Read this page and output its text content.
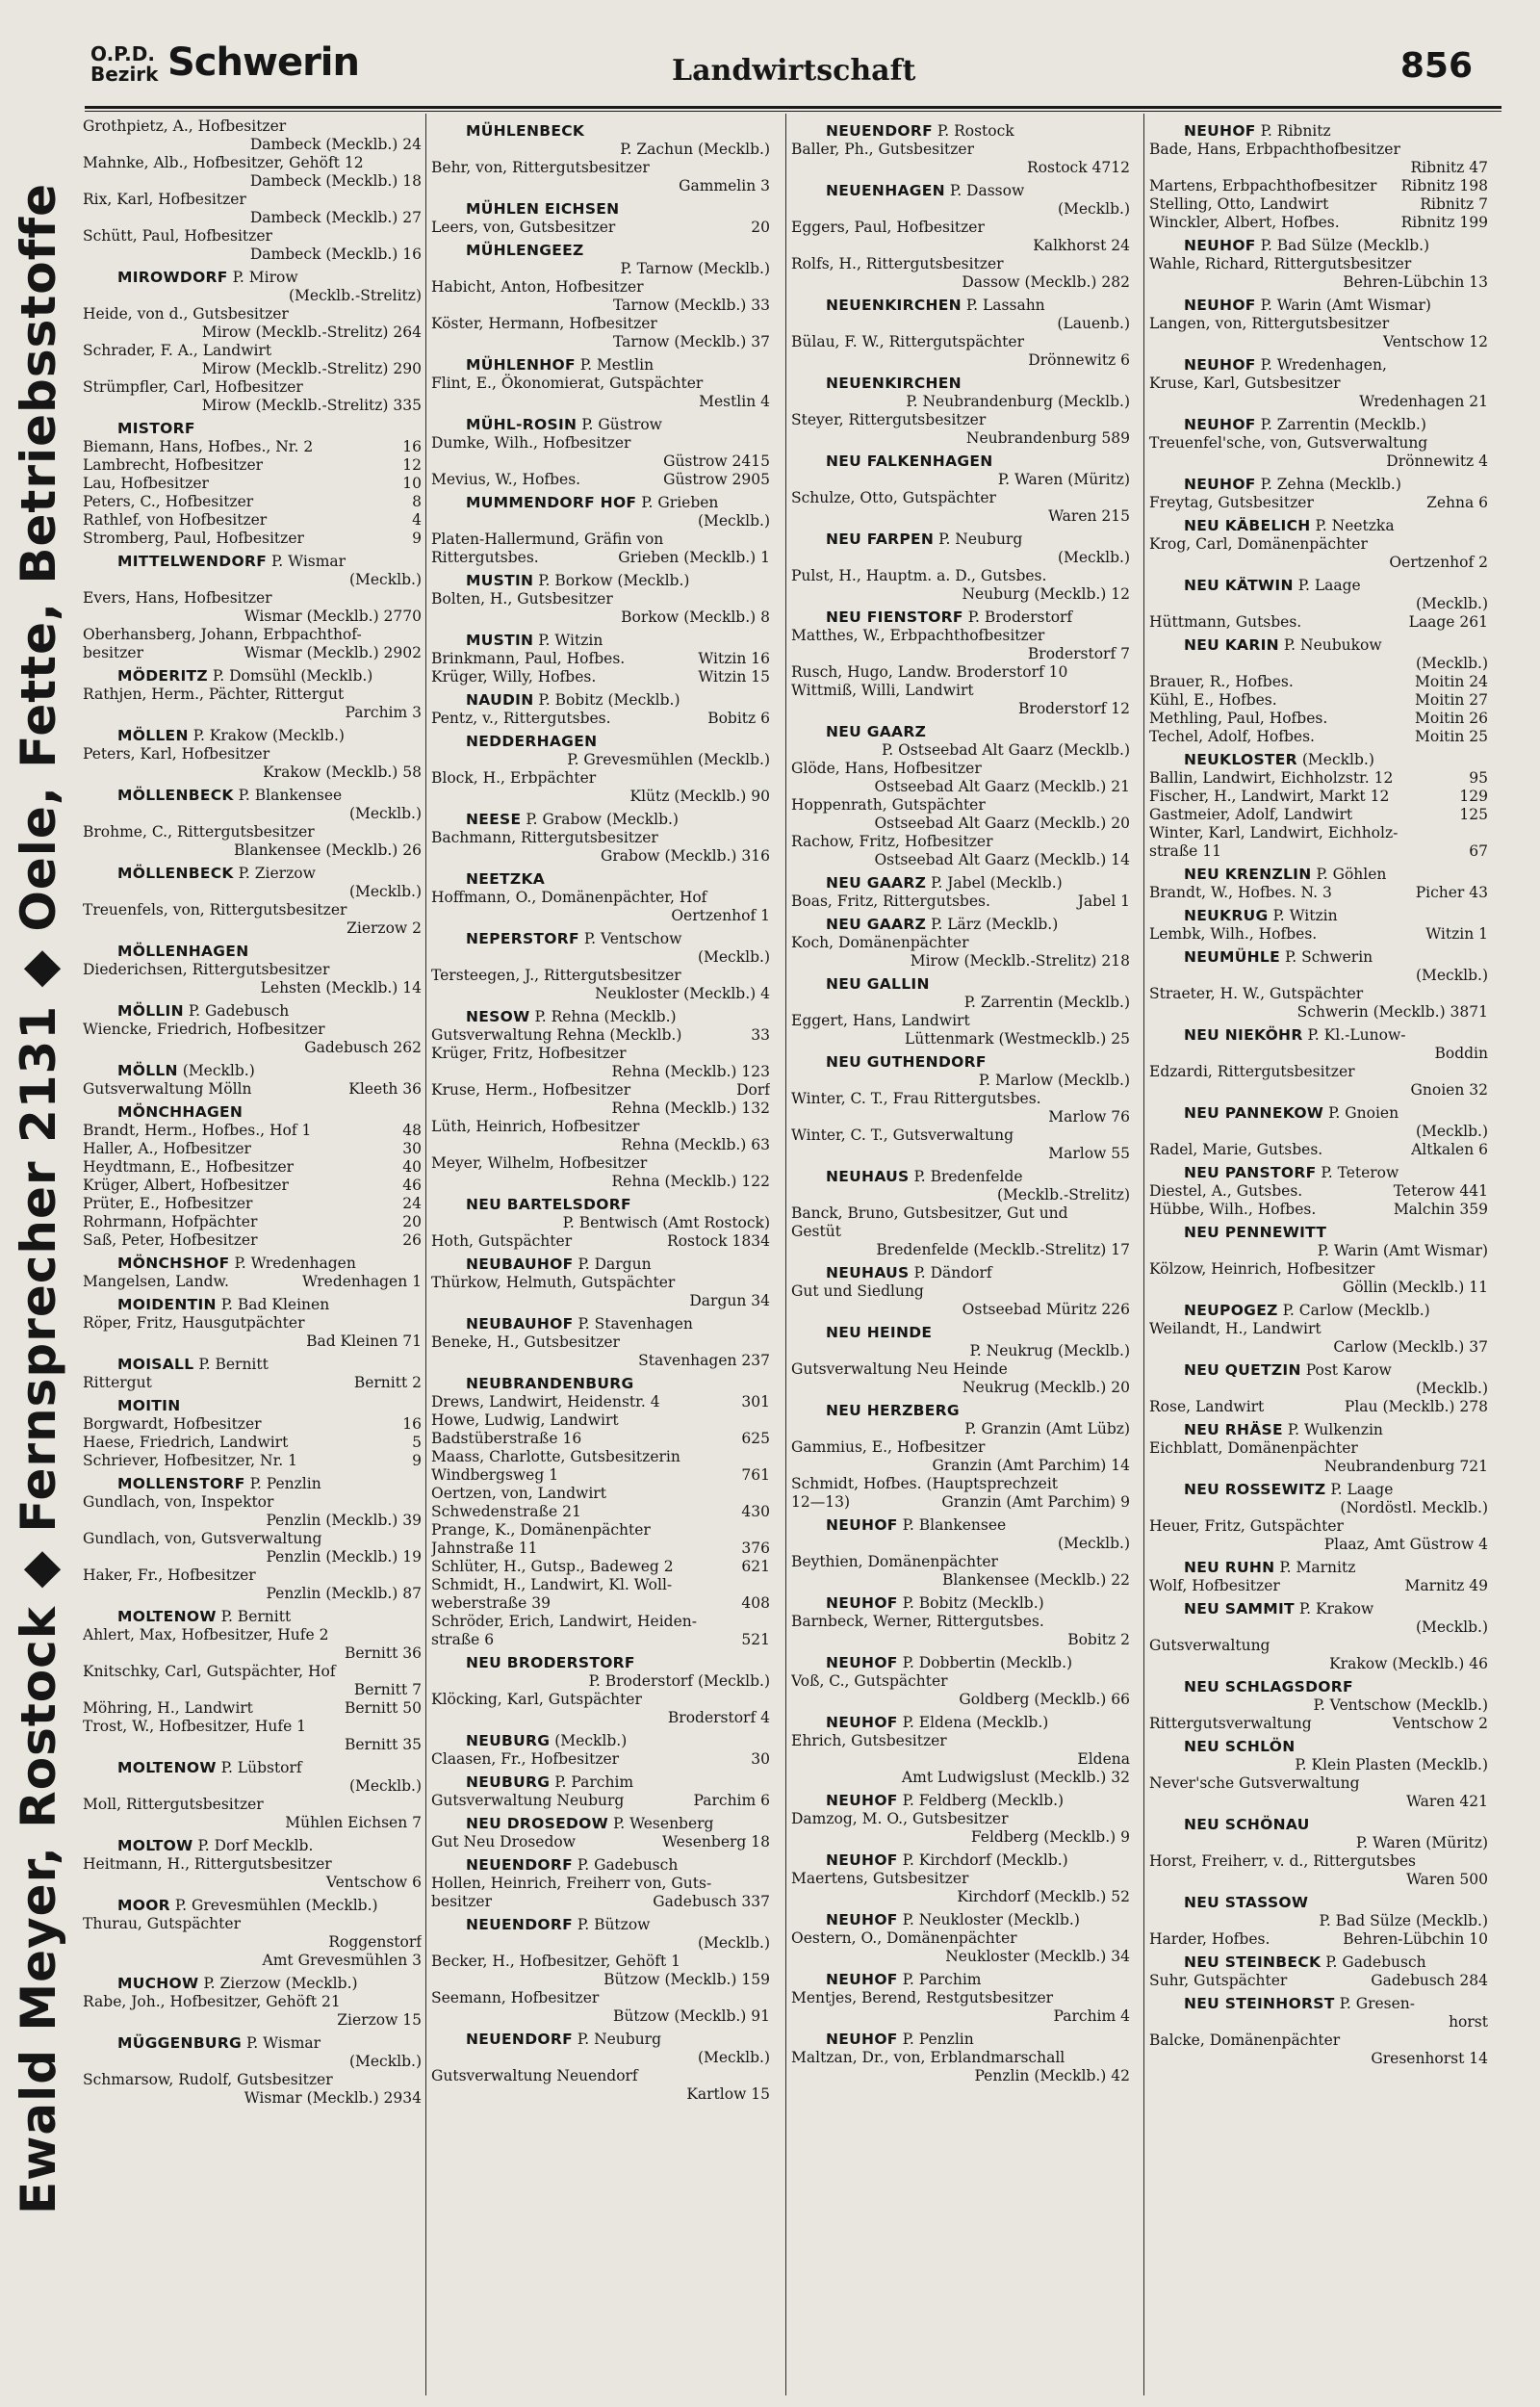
O.P.D.
Bezirk Schwerin	Landwirtschaft	856
Ewald Meyer, Rostock ◆ Fernsprecher 2131 ◆ Oele, Fette, Betriebsstoffe
Grothpietz, A., Hofbesitzer
Dambeck (Mecklb.) 24
Mahnke, Alb., Hofbesitzer, Gehöft 12
Dambeck (Mecklb.) 18
Rix, Karl, Hofbesitzer
Dambeck (Mecklb.) 27
Schütt, Paul, Hofbesitzer
Dambeck (Mecklb.) 16
MIROWDORF P. Mirow
(Mecklb.-Strelitz)
Heide, von d., Gutsbesitzer
Mirow (Mecklb.-Strelitz) 264
Schrader, F. A., Landwirt
Mirow (Mecklb.-Strelitz) 290
Strümpfler, Carl, Hofbesitzer
Mirow (Mecklb.-Strelitz) 335
MISTORF
Biemann, Hans, Hofbes., Nr. 2	16
Lambrecht, Hofbesitzer	12
Lau, Hofbesitzer	10
Peters, C., Hofbesitzer	8
Rathlef, von Hofbesitzer	4
Stromberg, Paul, Hofbesitzer	9
MITTELWENDORF P. Wismar
(Mecklb.)
Evers, Hans, Hofbesitzer
Wismar (Mecklb.) 2770
Oberhansberg, Johann, Erbpachthof-
besitzer	Wismar (Mecklb.) 2902
MÖDERITZ P. Domsühl (Mecklb.)
Rathjen, Herm., Pächter, Rittergut
Parchim 3
MÖLLEN P. Krakow (Mecklb.)
Peters, Karl, Hofbesitzer
Krakow (Mecklb.) 58
MÖLLENBECK P. Blankensee
(Mecklb.)
Brohme, C., Rittergutsbesitzer
Blankensee (Mecklb.) 26
MÖLLENBECK P. Zierzow
(Mecklb.)
Treuenfels, von, Rittergutsbesitzer
Zierzow 2
MÖLLENHAGEN
Diederichsen, Rittergutsbesitzer
Lehsten (Mecklb.) 14
MÖLLIN P. Gadebusch
Wiencke, Friedrich, Hofbesitzer
Gadebusch 262
MÖLLN (Mecklb.)
Gutsverwaltung Mölln	Kleeth 36
MÖNCHHAGEN
Brandt, Herm., Hofbes., Hof 1	48
Haller, A., Hofbesitzer	30
Heydtmann, E., Hofbesitzer	40
Krüger, Albert, Hofbesitzer	46
Prüter, E., Hofbesitzer	24
Rohrmann, Hofpächter	20
Saß, Peter, Hofbesitzer	26
MÖNCHSHOF P. Wredenhagen
Mangelsen, Landw.	Wredenhagen 1
MOIDENTIN P. Bad Kleinen
Röper, Fritz, Hausgutpächter
Bad Kleinen 71
MOISALL P. Bernitt
Rittergut	Bernitt 2
MOITIN
Borgwardt, Hofbesitzer	16
Haese, Friedrich, Landwirt	5
Schriever, Hofbesitzer, Nr. 1	9
MOLLENSTORF P. Penzlin
Gundlach, von, Inspektor
Penzlin (Mecklb.) 39
Gundlach, von, Gutsverwaltung
Penzlin (Mecklb.) 19
Haker, Fr., Hofbesitzer
Penzlin (Mecklb.) 87
MOLTENOW P. Bernitt
Ahlert, Max, Hofbesitzer, Hufe 2
Bernitt 36
Knitschky, Carl, Gutspächter, Hof
Bernitt 7
Möhring, H., Landwirt	Bernitt 50
Trost, W., Hofbesitzer, Hufe 1
Bernitt 35
MOLTENOW P. Lübstorf
(Mecklb.)
Moll, Rittergutsbesitzer
Mühlen Eichsen 7
MOLTOW P. Dorf Mecklb.
Heitmann, H., Rittergutsbesitzer
Ventschow 6
MOOR P. Grevesmühlen (Mecklb.)
Thurau, Gutspächter
Roggenstorf
Amt Grevesmühlen 3
MUCHOW P. Zierzow (Mecklb.)
Rabe, Joh., Hofbesitzer, Gehöft 21
Zierzow 15
MÜGGENBURG P. Wismar
(Mecklb.)
Schmarsow, Rudolf, Gutsbesitzer
Wismar (Mecklb.) 2934
MÜHLENBECK
P. Zachun (Mecklb.)
Behr, von, Rittergutsbesitzer
Gammelin 3
MÜHLEN EICHSEN
Leers, von, Gutsbesitzer	20
MÜHLENGEEZ
P. Tarnow (Mecklb.)
Habicht, Anton, Hofbesitzer
Tarnow (Mecklb.) 33
Köster, Hermann, Hofbesitzer
Tarnow (Mecklb.) 37
MÜHLENHOF P. Mestlin
Flint, E., Ökonomierat, Gutspächter
Mestlin 4
MÜHL-ROSIN P. Güstrow
Dumke, Wilh., Hofbesitzer
Güstrow 2415
Mevius, W., Hofbes.	Güstrow 2905
MUMMENDORF HOF P. Grieben
(Mecklb.)
Platen-Hallermund, Gräfin von
Rittergutsbes.	Grieben (Mecklb.) 1
MUSTIN P. Borkow (Mecklb.)
Bolten, H., Gutsbesitzer
Borkow (Mecklb.) 8
MUSTIN P. Witzin
Brinkmann, Paul, Hofbes.	Witzin 16
Krüger, Willy, Hofbes.	Witzin 15
NAUDIN P. Bobitz (Mecklb.)
Pentz, v., Rittergutsbes.	Bobitz 6
NEDDERHAGEN
P. Grevesmühlen (Mecklb.)
Block, H., Erbpächter
Klütz (Mecklb.) 90
NEESE P. Grabow (Mecklb.)
Bachmann, Rittergutsbesitzer
Grabow (Mecklb.) 316
NEETZKA
Hoffmann, O., Domänenpächter, Hof
Oertzenhof 1
NEPERSTORF P. Ventschow
(Mecklb.)
Tersteegen, J., Rittergutsbesitzer
Neukloster (Mecklb.) 4
NESOW P. Rehna (Mecklb.)
Gutsverwaltung Rehna (Mecklb.)	33
Krüger, Fritz, Hofbesitzer
Rehna (Mecklb.) 123
Kruse, Herm., Hofbesitzer	Dorf
Rehna (Mecklb.) 132
Lüth, Heinrich, Hofbesitzer
Rehna (Mecklb.) 63
Meyer, Wilhelm, Hofbesitzer
Rehna (Mecklb.) 122
NEU BARTELSDORF
P. Bentwisch (Amt Rostock)
Hoth, Gutspächter	Rostock 1834
NEUBAUHOF P. Dargun
Thürkow, Helmuth, Gutspächter
Dargun 34
NEUBAUHOF P. Stavenhagen
Beneke, H., Gutsbesitzer
Stavenhagen 237
NEUBRANDENBURG
Drews, Landwirt, Heidenstr. 4	301
Howe, Ludwig, Landwirt
Badstüberstraße 16	625
Maass, Charlotte, Gutsbesitzerin
Windbergsweg 1	761
Oertzen, von, Landwirt
Schwedenstraße 21	430
Prange, K., Domänenpächter
Jahnstraße 11	376
Schlüter, H., Gutsp., Badeweg 2	621
Schmidt, H., Landwirt, Kl. Woll-
weberstraße 39	408
Schröder, Erich, Landwirt, Heiden-
straße 6	521
NEU BRODERSTORF
P. Broderstorf (Mecklb.)
Klöcking, Karl, Gutspächter
Broderstorf 4
NEUBURG (Mecklb.)
Claasen, Fr., Hofbesitzer	30
NEUBURG P. Parchim
Gutsverwaltung Neuburg	Parchim 6
NEU DROSEDOW P. Wesenberg
Gut Neu Drosedow	Wesenberg 18
NEUENDORF P. Gadebusch
Hollen, Heinrich, Freiherr von, Guts-
besitzer	Gadebusch 337
NEUENDORF P. Bützow
(Mecklb.)
Becker, H., Hofbesitzer, Gehöft 1
Bützow (Mecklb.) 159
Seemann, Hofbesitzer
Bützow (Mecklb.) 91
NEUENDORF P. Neuburg
(Mecklb.)
Gutsverwaltung Neuendorf
Kartlow 15
NEUENDORF P. Rostock
Baller, Ph., Gutsbesitzer
Rostock 4712
NEUENHAGEN P. Dassow
(Mecklb.)
Eggers, Paul, Hofbesitzer
Kalkhorst 24
Rolfs, H., Rittergutsbesitzer
Dassow (Mecklb.) 282
NEUENKIRCHEN P. Lassahn
(Lauenb.)
Bülau, F. W., Rittergutspächter
Drönnewitz 6
NEUENKIRCHEN
P. Neubrandenburg (Mecklb.)
Steyer, Rittergutsbesitzer
Neubrandenburg 589
NEU FALKENHAGEN
P. Waren (Müritz)
Schulze, Otto, Gutspächter
Waren 215
NEU FARPEN P. Neuburg
(Mecklb.)
Pulst, H., Hauptm. a. D., Gutsbes.
Neuburg (Mecklb.) 12
NEU FIENSTORF P. Broderstorf
Matthes, W., Erbpachthofbesitzer
Broderstorf 7
Rusch, Hugo, Landw. Broderstorf 10
Wittmiß, Willi, Landwirt
Broderstorf 12
NEU GAARZ
P. Ostseebad Alt Gaarz (Mecklb.)
Glöde, Hans, Hofbesitzer
Ostseebad Alt Gaarz (Mecklb.) 21
Hoppenrath, Gutspächter
Ostseebad Alt Gaarz (Mecklb.) 20
Rachow, Fritz, Hofbesitzer
Ostseebad Alt Gaarz (Mecklb.) 14
NEU GAARZ P. Jabel (Mecklb.)
Boas, Fritz, Rittergutsbes.	Jabel 1
NEU GAARZ P. Lärz (Mecklb.)
Koch, Domänenpächter
Mirow (Mecklb.-Strelitz) 218
NEU GALLIN
P. Zarrentin (Mecklb.)
Eggert, Hans, Landwirt
Lüttenmark (Westmecklb.) 25
NEU GUTHENDORF
P. Marlow (Mecklb.)
Winter, C. T., Frau Rittergutsbes.
Marlow 76
Winter, C. T., Gutsverwaltung
Marlow 55
NEUHAUS P. Bredenfelde
(Mecklb.-Strelitz)
Banck, Bruno, Gutsbesitzer, Gut und
Gestüt
Bredenfelde (Mecklb.-Strelitz) 17
NEUHAUS P. Dändorf
Gut und Siedlung
Ostseebad Müritz 226
NEU HEINDE
P. Neukrug (Mecklb.)
Gutsverwaltung Neu Heinde
Neukrug (Mecklb.) 20
NEU HERZBERG
P. Granzin (Amt Lübz)
Gammius, E., Hofbesitzer
Granzin (Amt Parchim) 14
Schmidt, Hofbes. (Hauptsprechzeit
12—13)	Granzin (Amt Parchim) 9
NEUHOF P. Blankensee
(Mecklb.)
Beythien, Domänenpächter
Blankensee (Mecklb.) 22
NEUHOF P. Bobitz (Mecklb.)
Barnbeck, Werner, Rittergutsbes.
Bobitz 2
NEUHOF P. Dobbertin (Mecklb.)
Voß, C., Gutspächter
Goldberg (Mecklb.) 66
NEUHOF P. Eldena (Mecklb.)
Ehrich, Gutsbesitzer
Eldena
Amt Ludwigslust (Mecklb.) 32
NEUHOF P. Feldberg (Mecklb.)
Damzog, M. O., Gutsbesitzer
Feldberg (Mecklb.) 9
NEUHOF P. Kirchdorf (Mecklb.)
Maertens, Gutsbesitzer
Kirchdorf (Mecklb.) 52
NEUHOF P. Neukloster (Mecklb.)
Oestern, O., Domänenpächter
Neukloster (Mecklb.) 34
NEUHOF P. Parchim
Mentjes, Berend, Restgutsbesitzer
Parchim 4
NEUHOF P. Penzlin
Maltzan, Dr., von, Erblandmarschall
Penzlin (Mecklb.) 42
NEUHOF P. Ribnitz
Bade, Hans, Erbpachthofbesitzer
Ribnitz 47
Martens, Erbpachthofbesitzer	Ribnitz 198
Stelling, Otto, Landwirt	Ribnitz 7
Winckler, Albert, Hofbes.	Ribnitz 199
NEUHOF P. Bad Sülze (Mecklb.)
Wahle, Richard, Rittergutsbesitzer
Behren-Lübchin 13
NEUHOF P. Warin (Amt Wismar)
Langen, von, Rittergutsbesitzer
Ventschow 12
NEUHOF P. Wredenhagen,
Kruse, Karl, Gutsbesitzer
Wredenhagen 21
NEUHOF P. Zarrentin (Mecklb.)
Treuenfel'sche, von, Gutsverwaltung
Drönnewitz 4
NEUHOF P. Zehna (Mecklb.)
Freytag, Gutsbesitzer	Zehna 6
NEU KÄBELICH P. Neetzka
Krog, Carl, Domänenpächter
Oertzenhof 2
NEU KÄTWIN P. Laage
(Mecklb.)
Hüttmann, Gutsbes.	Laage 261
NEU KARIN P. Neubukow
(Mecklb.)
Brauer, R., Hofbes.	Moitin 24
Kühl, E., Hofbes.	Moitin 27
Methling, Paul, Hofbes.	Moitin 26
Techel, Adolf, Hofbes.	Moitin 25
NEUKLOSTER (Mecklb.)
Ballin, Landwirt, Eichholzstr. 12	95
Fischer, H., Landwirt, Markt 12	129
Gastmeier, Adolf, Landwirt	125
Winter, Karl, Landwirt, Eichholz-
straße 11	67
NEU KRENZLIN P. Göhlen
Brandt, W., Hofbes. N. 3	Picher 43
NEUKRUG P. Witzin
Lembk, Wilh., Hofbes.	Witzin 1
NEUMÜHLE P. Schwerin
(Mecklb.)
Straeter, H. W., Gutspächter
Schwerin (Mecklb.) 3871
NEU NIEKÖHR P. Kl.-Lunow-
Boddin
Edzardi, Rittergutsbesitzer
Gnoien 32
NEU PANNEKOW P. Gnoien
(Mecklb.)
Radel, Marie, Gutsbes.	Altkalen 6
NEU PANSTORF P. Teterow
Diestel, A., Gutsbes.	Teterow 441
Hübbe, Wilh., Hofbes.	Malchin 359
NEU PENNEWITT
P. Warin (Amt Wismar)
Kölzow, Heinrich, Hofbesitzer
Göllin (Mecklb.) 11
NEUPOGEZ P. Carlow (Mecklb.)
Weilandt, H., Landwirt
Carlow (Mecklb.) 37
NEU QUETZIN Post Karow
(Mecklb.)
Rose, Landwirt	Plau (Mecklb.) 278
NEU RHÄSE P. Wulkenzin
Eichblatt, Domänenpächter
Neubrandenburg 721
NEU ROSSEWITZ P. Laage
(Nordöstl. Mecklb.)
Heuer, Fritz, Gutspächter
Plaaz, Amt Güstrow 4
NEU RUHN P. Marnitz
Wolf, Hofbesitzer	Marnitz 49
NEU SAMMIT P. Krakow
(Mecklb.)
Gutsverwaltung
Krakow (Mecklb.) 46
NEU SCHLAGSDORF
P. Ventschow (Mecklb.)
Rittergutsverwaltung	Ventschow 2
NEU SCHLÖN
P. Klein Plasten (Mecklb.)
Never'sche Gutsverwaltung
Waren 421
NEU SCHÖNAU
P. Waren (Müritz)
Horst, Freiherr, v. d., Rittergutsbes
Waren 500
NEU STASSOW
P. Bad Sülze (Mecklb.)
Harder, Hofbes.	Behren-Lübchin 10
NEU STEINBECK P. Gadebusch
Suhr, Gutspächter	Gadebusch 284
NEU STEINHORST P. Gresen-
horst
Balcke, Domänenpächter
Gresenhorst 14
